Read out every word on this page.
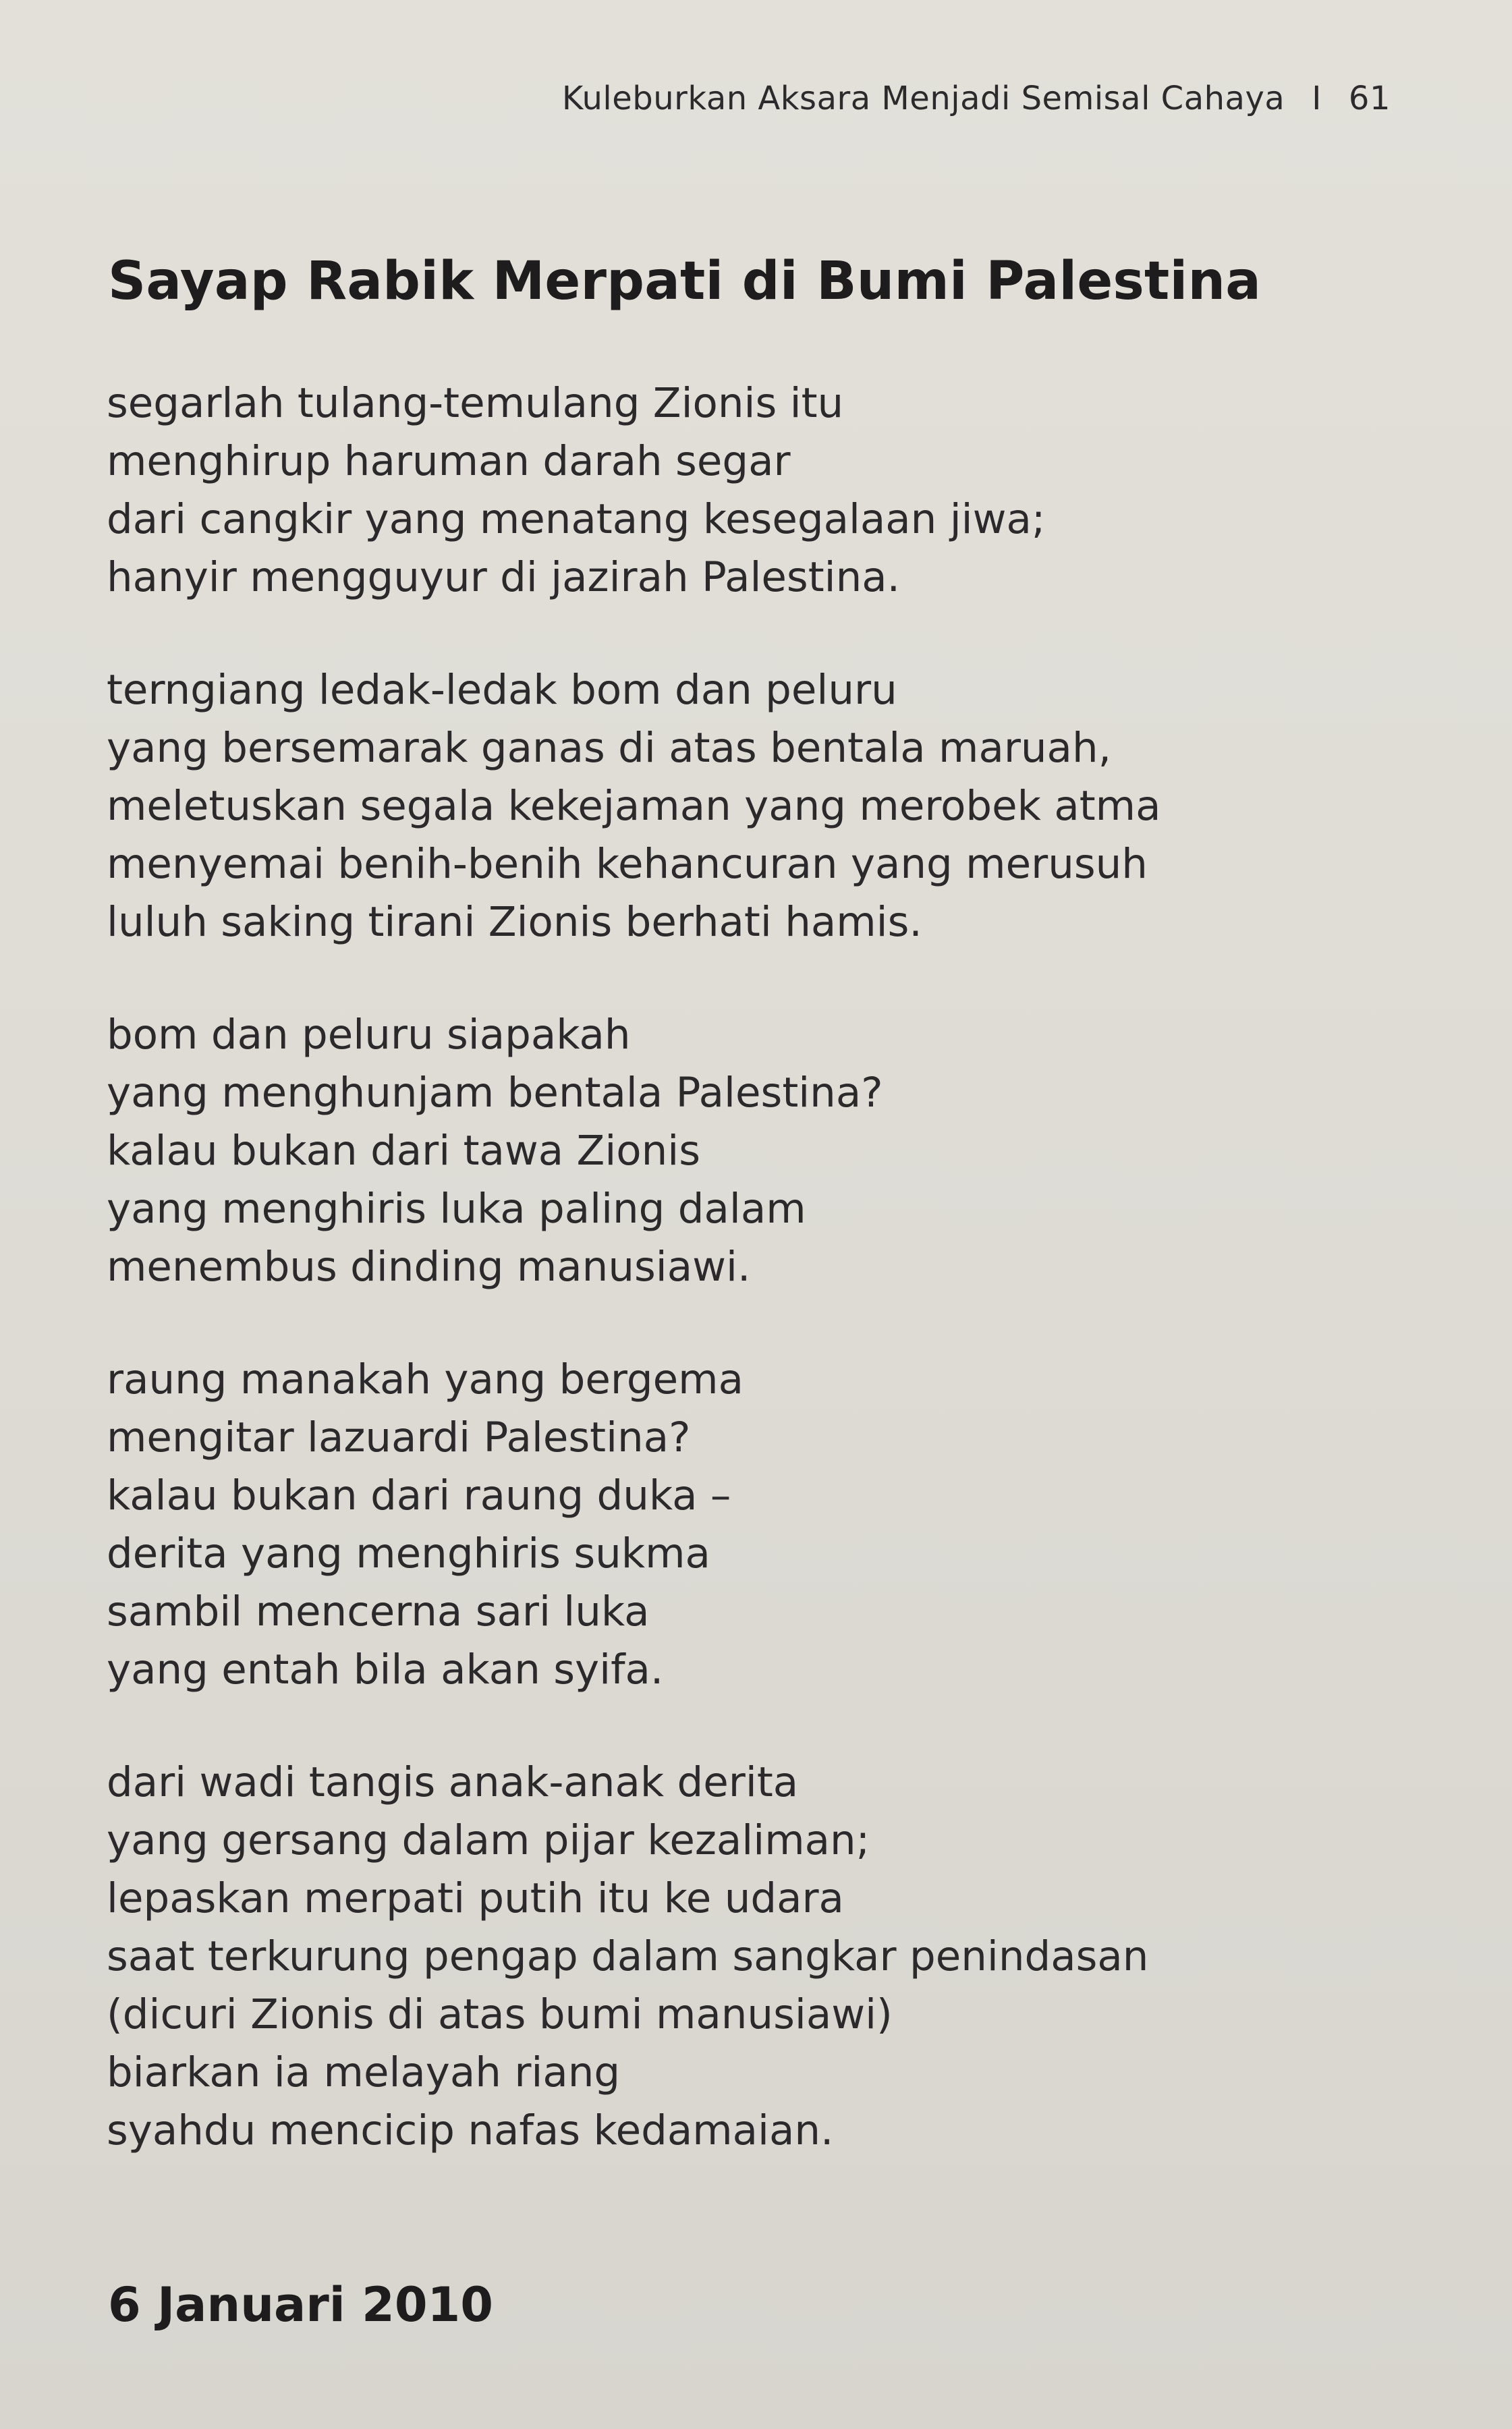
Kuleburkan Aksara Menjadi Semisal Cahaya I 61
Sayap Rabik Merpati di Bumi Palestina
segarlah tulang-temulang Zionis itu
menghirup haruman darah segar
dari cangkir yang menatang kesegalaan jiwa;
hanyir mengguyur di jazirah Palestina.
terngiang ledak-ledak bom dan peluru
yang bersemarak ganas di atas bentala maruah,
meletuskan segala kekejaman yang merobek atma
menyemai benih-benih kehancuran yang merusuh
luluh saking tirani Zionis berhati hamis.
bom dan peluru siapakah
yang menghunjam bentala Palestina?
kalau bukan dari tawa Zionis
yang menghiris luka paling dalam
menembus dinding manusiawi.
raung manakah yang bergema
mengitar lazuardi Palestina?
kalau bukan dari raung duka –
derita yang menghiris sukma
sambil mencerna sari luka
yang entah bila akan syifa.
dari wadi tangis anak-anak derita
yang gersang dalam pijar kezaliman;
lepaskan merpati putih itu ke udara
saat terkurung pengap dalam sangkar penindasan
(dicuri Zionis di atas bumi manusiawi)
biarkan ia melayah riang
syahdu mencicip nafas kedamaian.
6 Januari 2010
